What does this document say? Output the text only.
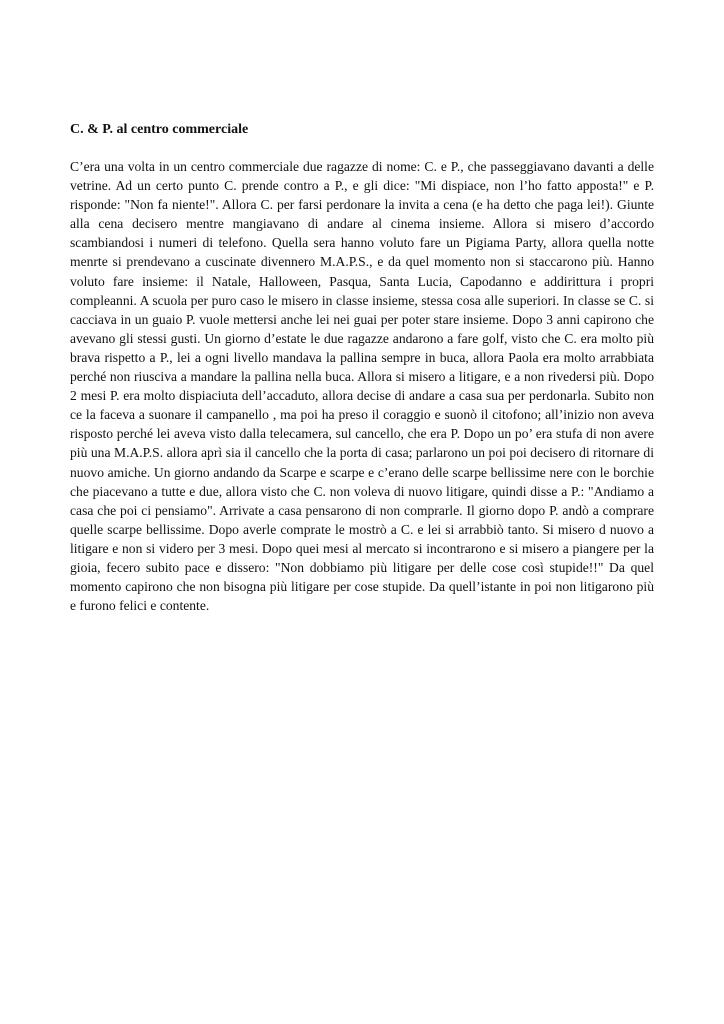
C. & P. al centro commerciale

C’era una volta in un centro commerciale due ragazze di nome: C. e P., che passeggiavano davanti a delle vetrine. Ad un certo punto C. prende contro a P., e gli dice: "Mi dispiace, non l’ho fatto apposta!" e P. risponde: "Non fa niente!". Allora C. per farsi perdonare la invita a cena (e ha detto che paga lei!). Giunte alla cena decisero mentre mangiavano di andare al cinema insieme. Allora si misero d’accordo scambiandosi i numeri di telefono. Quella sera hanno voluto fare un Pigiama Party, allora quella notte menrte si prendevano a cuscinate divennero M.A.P.S., e da quel momento non si staccarono più. Hanno voluto fare insieme: il Natale, Halloween, Pasqua, Santa Lucia, Capodanno e addirittura i propri compleanni. A scuola per puro caso le misero in classe insieme, stessa cosa alle superiori. In classe se C. si cacciava in un guaio P. vuole mettersi anche lei nei guai per poter stare insieme. Dopo 3 anni capirono che avevano gli stessi gusti. Un giorno d’estate le due ragazze andarono a fare golf, visto che C. era molto più brava rispetto a P., lei a ogni livello mandava la pallina sempre in buca, allora Paola era molto arrabbiata perché non riusciva a mandare la pallina nella buca. Allora si misero a litigare, e a non rivedersi più. Dopo 2 mesi P. era molto dispiaciuta dell’accaduto, allora decise di andare a casa sua per perdonarla. Subito non ce la faceva a suonare il campanello , ma poi ha preso il coraggio e suonò il citofono; all’inizio non aveva risposto perché lei aveva visto dalla telecamera, sul cancello, che era P. Dopo un po’ era stufa di non avere più una M.A.P.S. allora aprì sia il cancello che la porta di casa; parlarono un poi poi decisero di ritornare di nuovo amiche. Un giorno andando da Scarpe e scarpe e c’erano delle scarpe bellissime nere con le borchie che piacevano a tutte e due, allora visto che C. non voleva di nuovo litigare, quindi disse a P.: "Andiamo a casa che poi ci pensiamo". Arrivate a casa pensarono di non comprarle. Il giorno dopo P. andò a comprare quelle scarpe bellissime. Dopo averle comprate le mostrò a C. e lei si arrabbiò tanto. Si misero d nuovo a litigare e non si videro per 3 mesi. Dopo quei mesi al mercato si incontrarono e si misero a piangere per la gioia, fecero subito pace e dissero: "Non dobbiamo più litigare per delle cose così stupide!!" Da quel momento capirono che non bisogna più litigare per cose stupide. Da quell’istante in poi non litigarono più e furono felici e contente.
